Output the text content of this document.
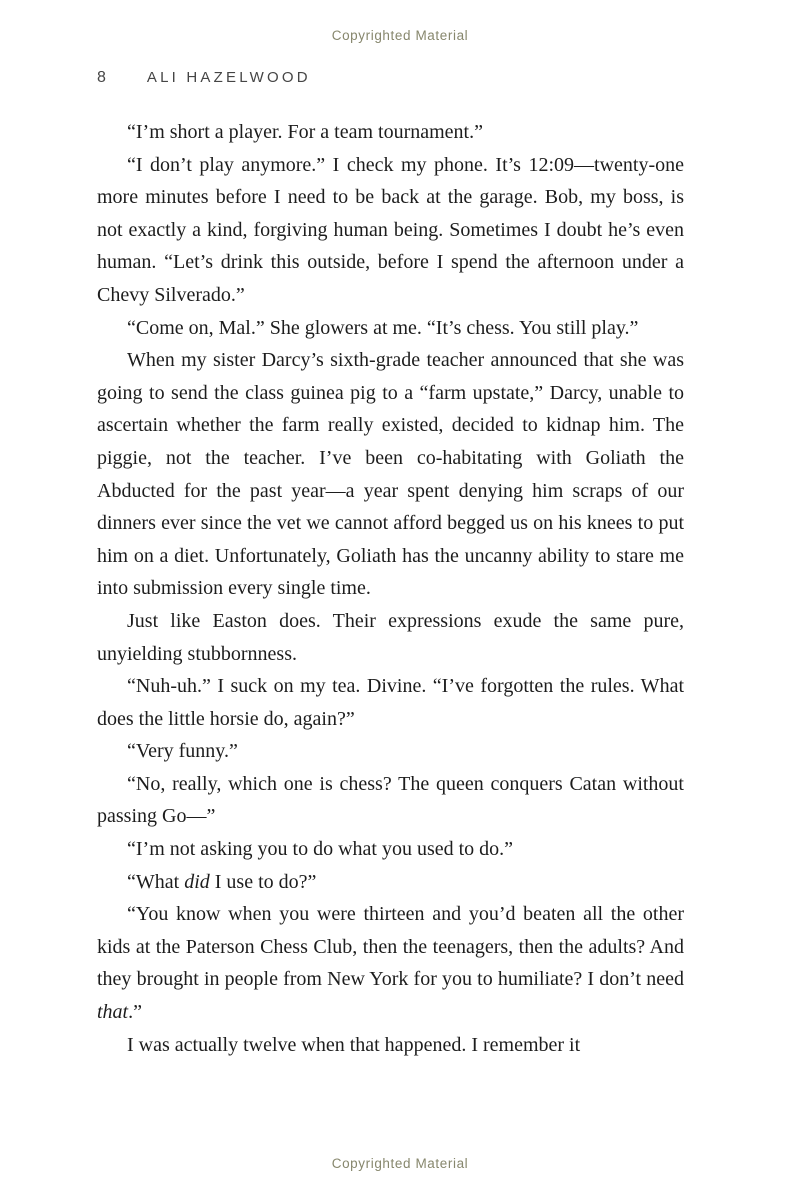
Copyrighted Material
8	ALI HAZELWOOD

“I’m short a player. For a team tournament.”

“I don’t play anymore.” I check my phone. It’s 12:09—twenty-one more minutes before I need to be back at the garage. Bob, my boss, is not exactly a kind, forgiving human being. Sometimes I doubt he’s even human. “Let’s drink this outside, before I spend the afternoon under a Chevy Silverado.”

“Come on, Mal.” She glowers at me. “It’s chess. You still play.”

When my sister Darcy’s sixth-grade teacher announced that she was going to send the class guinea pig to a “farm upstate,” Darcy, unable to ascertain whether the farm really existed, decided to kidnap him. The piggie, not the teacher. I’ve been co-habitating with Goliath the Abducted for the past year—a year spent denying him scraps of our dinners ever since the vet we cannot afford begged us on his knees to put him on a diet. Unfortunately, Goliath has the uncanny ability to stare me into submission every single time.

Just like Easton does. Their expressions exude the same pure, unyielding stubbornness.

“Nuh-uh.” I suck on my tea. Divine. “I’ve forgotten the rules. What does the little horsie do, again?”

“Very funny.”

“No, really, which one is chess? The queen conquers Catan without passing Go—”

“I’m not asking you to do what you used to do.”

“What did I use to do?”

“You know when you were thirteen and you’d beaten all the other kids at the Paterson Chess Club, then the teenagers, then the adults? And they brought in people from New York for you to humiliate? I don’t need that.”

I was actually twelve when that happened. I remember it

Copyrighted Material
